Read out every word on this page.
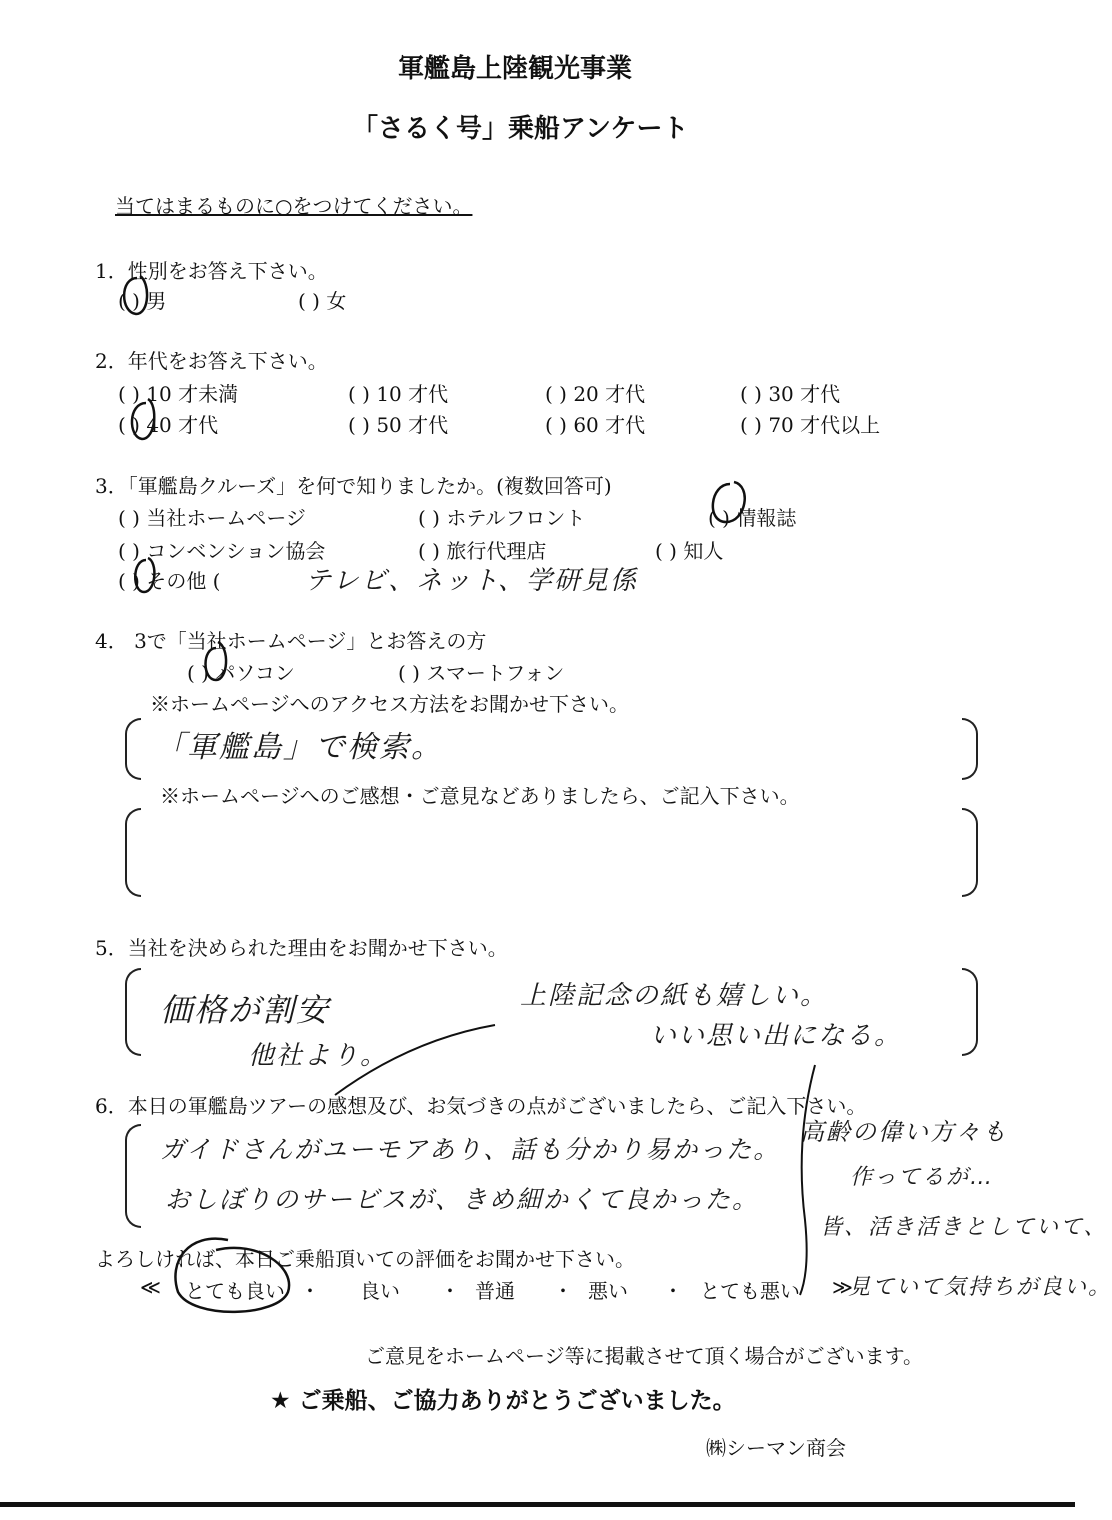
軍艦島上陸観光事業
「さるく号」乗船アンケート
当てはまるものに○をつけてください。
1．性別をお答え下さい。
( ) 男	( ) 女
2．年代をお答え下さい。
( ) 10 才未満	( ) 10 才代	( ) 20 才代	( ) 30 才代
( ) 40 才代	( ) 50 才代	( ) 60 才代	( ) 70 才代以上
3．「軍艦島クルーズ」を何で知りましたか。(複数回答可)
( ) 当社ホームページ	( ) ホテルフロント	( ) 情報誌
( ) コンベンション協会	( ) 旅行代理店	( ) 知人
( ) その他 (	テレビ、ネット、学研見係
4． 3で「当社ホームページ」とお答えの方
( ) パソコン	( ) スマートフォン
※ホームページへのアクセス方法をお聞かせ下さい。
「軍艦島」で検索。
※ホームページへのご感想・ご意見などありましたら、ご記入下さい。
5．当社を決められた理由をお聞かせ下さい。
価格が割安
他社より。
上陸記念の紙も嬉しい。
いい思い出になる。
6．本日の軍艦島ツアーの感想及び、お気づきの点がございましたら、ご記入下さい。
ガイドさんがユーモアあり、話も分かり易かった。
おしぼりのサービスが、きめ細かくて良かった。
高齢の偉い方々も
作ってるが…
皆、活き活きとしていて、
見ていて気持ちが良い。
よろしければ、本日ご乗船頂いての評価をお聞かせ下さい。
≪ とても良い ・ 良い ・ 普通 ・ 悪い ・ とても悪い ≫
ご意見をホームページ等に掲載させて頂く場合がございます。
★ ご乗船、ご協力ありがとうございました。
㈱シーマン商会
